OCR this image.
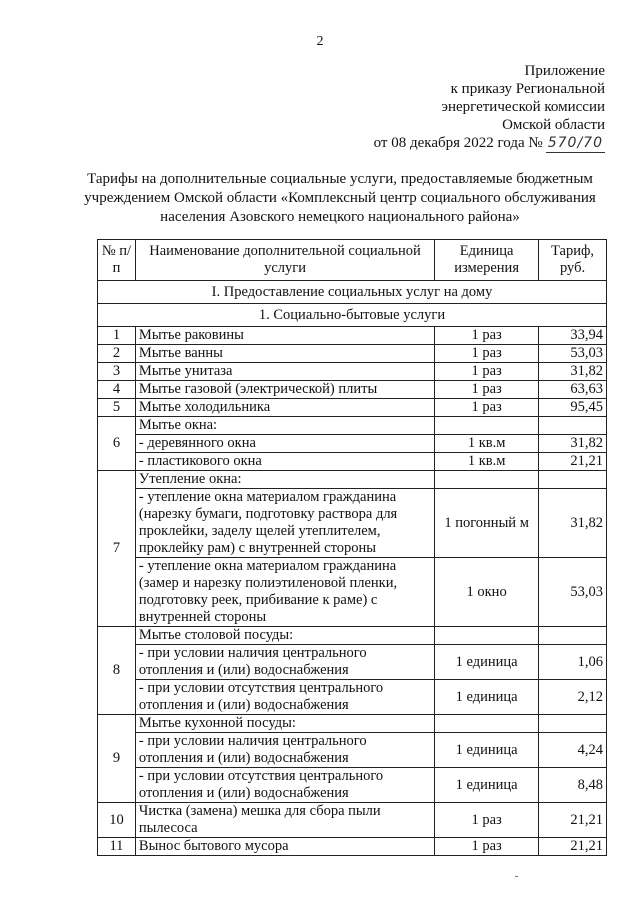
2
Приложение
к приказу Региональной
энергетической комиссии
Омской области
от 08 декабря 2022 года № 570/70
Тарифы на дополнительные социальные услуги, предоставляемые бюджетным учреждением Омской области «Комплексный центр социального обслуживания населения Азовского немецкого национального района»
№ п/п	Наименование дополнительной социальной услуги	Единица измерения	Тариф, руб.
I. Предоставление социальных услуг на дому			
1. Социально-бытовые услуги			
1	Мытье раковины	1 раз	33,94
2	Мытье ванны	1 раз	53,03
3	Мытье унитаза	1 раз	31,82
4	Мытье газовой (электрической) плиты	1 раз	63,63
5	Мытье холодильника	1 раз	95,45
6	Мытье окна:		
	- деревянного окна	1 кв.м	31,82
	- пластикового окна	1 кв.м	21,21
7	Утепление окна:		
	- утепление окна материалом гражданина (нарезку бумаги, подготовку раствора для проклейки, заделу щелей утеплителем, проклейку рам) с внутренней стороны	1 погонный м	31,82
	- утепление окна материалом гражданина (замер и нарезку полиэтиленовой пленки, подготовку реек, прибивание к раме) с внутренней стороны	1 окно	53,03
8	Мытье столовой посуды:		
	- при условии наличия центрального отопления и (или) водоснабжения	1 единица	1,06
	- при условии отсутствия центрального отопления и (или) водоснабжения	1 единица	2,12
9	Мытье кухонной посуды:		
	- при условии наличия центрального отопления и (или) водоснабжения	1 единица	4,24
	- при условии отсутствия центрального отопления и (или) водоснабжения	1 единица	8,48
10	Чистка (замена) мешка для сбора пыли пылесоса	1 раз	21,21
11	Вынос бытового мусора	1 раз	21,21
